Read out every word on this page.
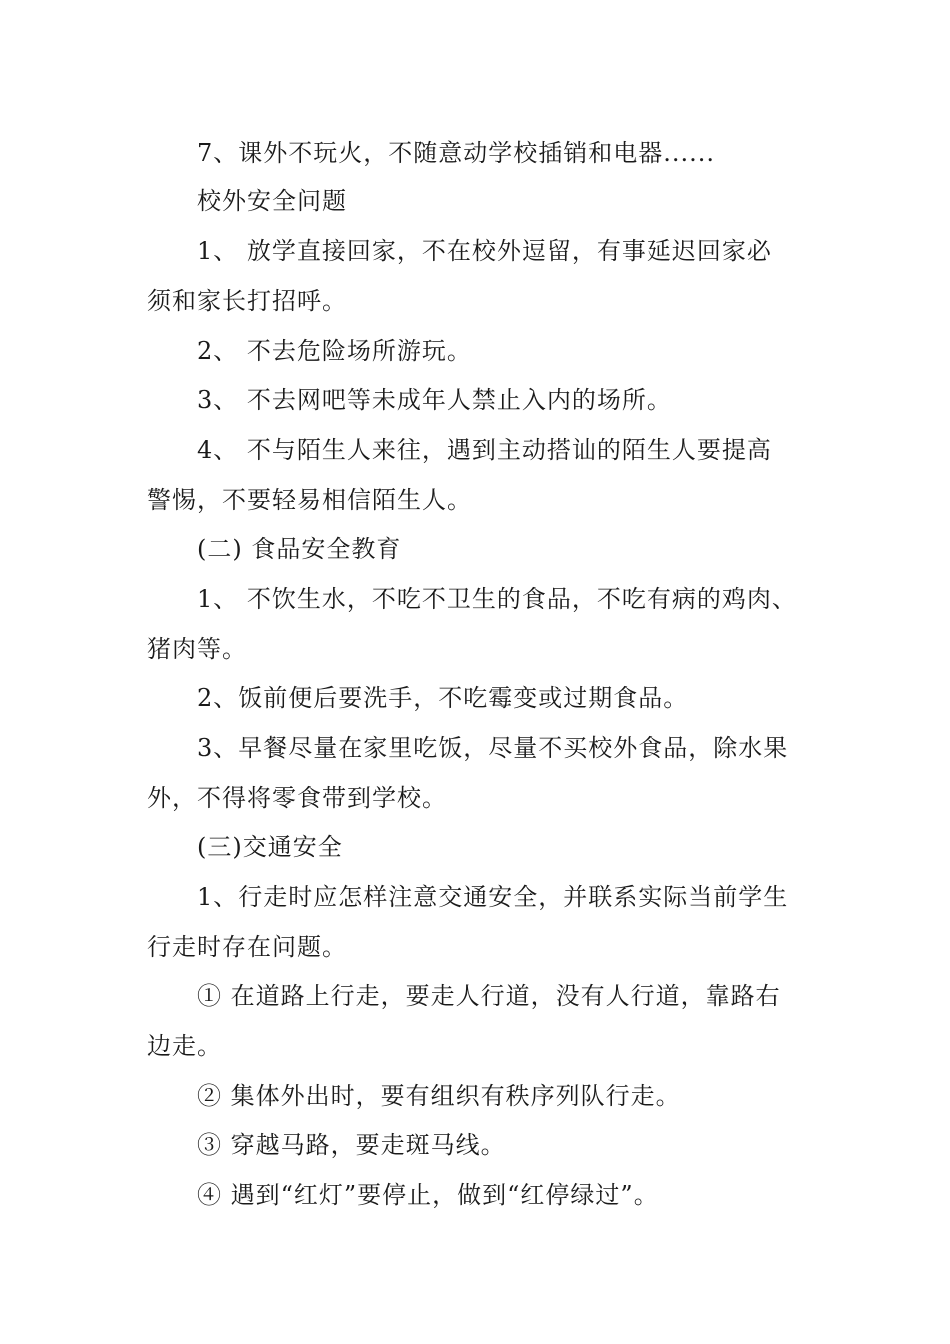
7、课外不玩火，不随意动学校插销和电器......
校外安全问题
1、 放学直接回家，不在校外逗留，有事延迟回家必
须和家长打招呼。
2、 不去危险场所游玩。
3、 不去网吧等未成年人禁止入内的场所。
4、 不与陌生人来往，遇到主动搭讪的陌生人要提高
警惕，不要轻易相信陌生人。
(二) 食品安全教育
1、 不饮生水，不吃不卫生的食品，不吃有病的鸡肉、
猪肉等。
2、饭前便后要洗手，不吃霉变或过期食品。
3、早餐尽量在家里吃饭，尽量不买校外食品，除水果
外，不得将零食带到学校。
(三)交通安全
1、行走时应怎样注意交通安全，并联系实际当前学生
行走时存在问题。
① 在道路上行走，要走人行道，没有人行道，靠路右
边走。
② 集体外出时，要有组织有秩序列队行走。
③ 穿越马路，要走斑马线。
④ 遇到“红灯”要停止，做到“红停绿过”。
